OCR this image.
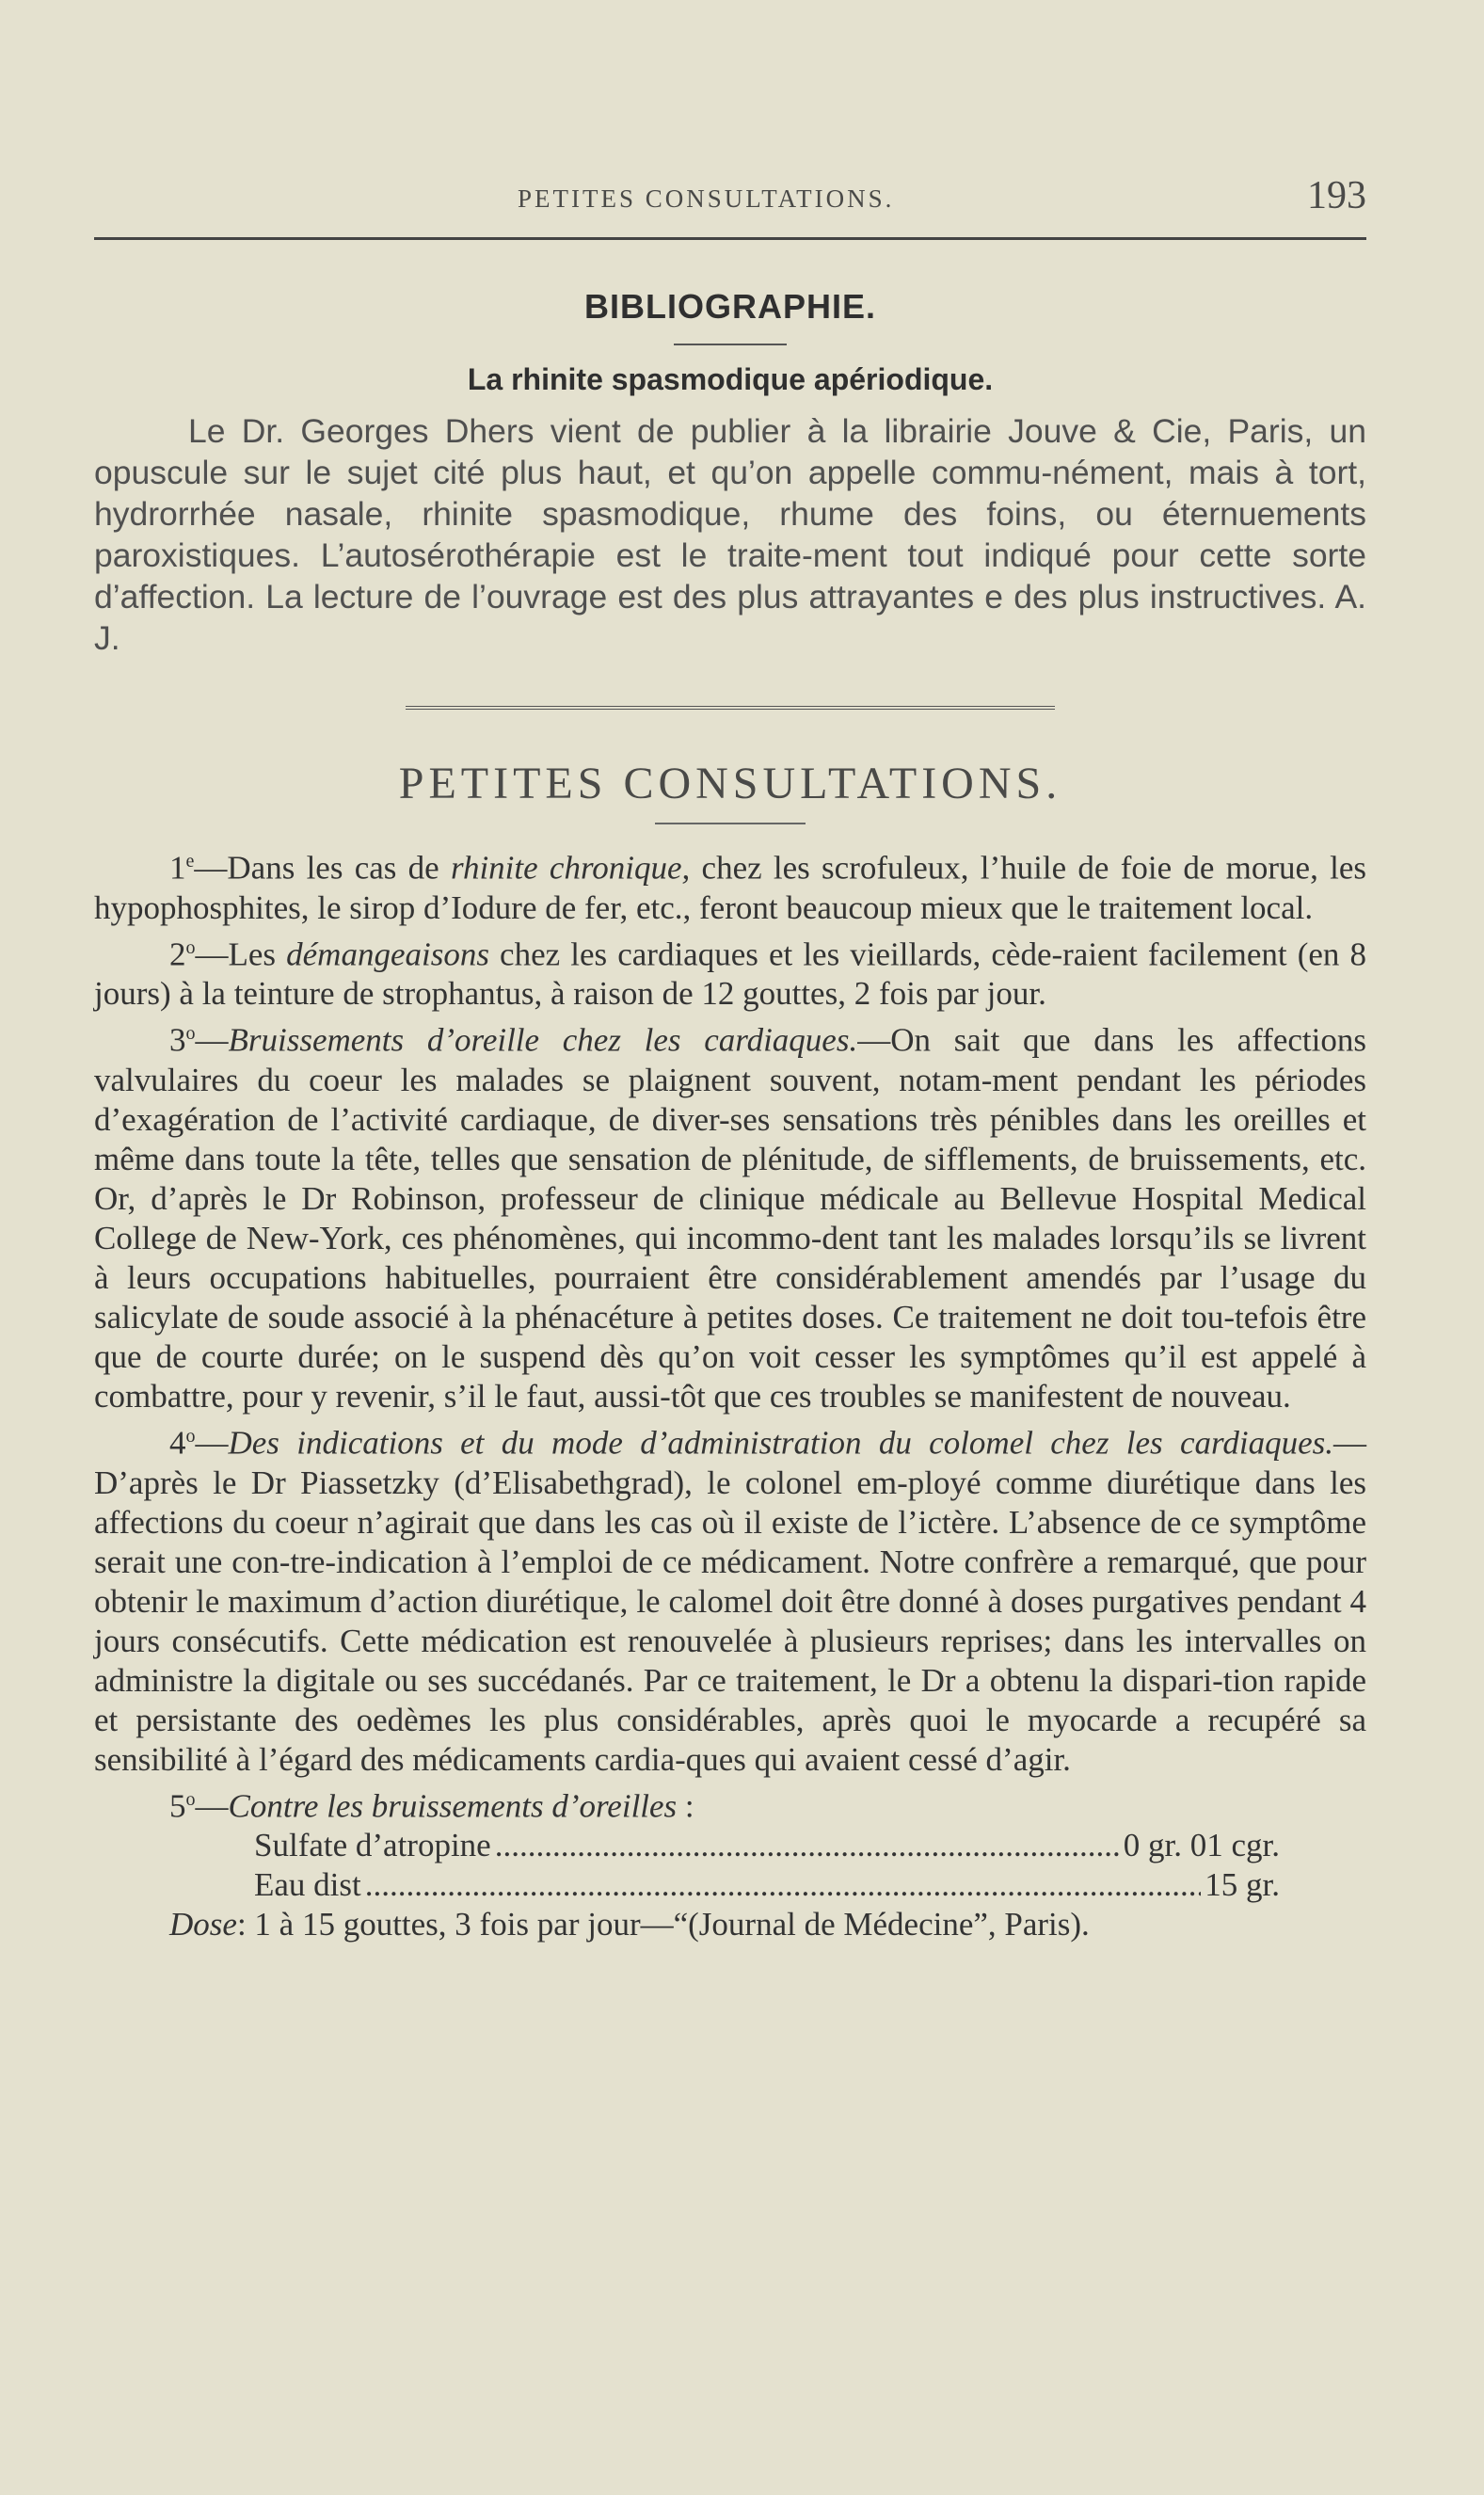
PETITES CONSULTATIONS.	193
BIBLIOGRAPHIE.
La rhinite spasmodique apériodique.
Le Dr. Georges Dhers vient de publier à la librairie Jouve & Cie, Paris, un opuscule sur le sujet cité plus haut, et qu’on appelle commu-nément, mais à tort, hydrorrhée nasale, rhinite spasmodique, rhume des foins, ou éternuements paroxistiques. L’autosérothérapie est le traite-ment tout indiqué pour cette sorte d’affection. La lecture de l’ouvrage est des plus attrayantes e des plus instructives. A. J.
PETITES CONSULTATIONS.

1e—Dans les cas de rhinite chronique, chez les scrofuleux, l’huile de foie de morue, les hypophosphites, le sirop d’Iodure de fer, etc., feront beaucoup mieux que le traitement local.

2$^o$—Les démangeaisons chez les cardiaques et les vieillards, cède-raient facilement (en 8 jours) à la teinture de strophantus, à raison de 12 gouttes, 2 fois par jour.

3$^o$—Bruissements d’oreille chez les cardiaques.—On sait que dans les affections valvulaires du coeur les malades se plaignent souvent, notam-ment pendant les périodes d’exagération de l’activité cardiaque, de diver-ses sensations très pénibles dans les oreilles et même dans toute la tête, telles que sensation de plénitude, de sifflements, de bruissements, etc. Or, d’après le Dr Robinson, professeur de clinique médicale au Bellevue Hospital Medical College de New-York, ces phénomènes, qui incommo-dent tant les malades lorsqu’ils se livrent à leurs occupations habituelles, pourraient être considérablement amendés par l’usage du salicylate de soude associé à la phénacéture à petites doses. Ce traitement ne doit tou-tefois être que de courte durée; on le suspend dès qu’on voit cesser les symptômes qu’il est appelé à combattre, pour y revenir, s’il le faut, aussi-tôt que ces troubles se manifestent de nouveau.

4$^o$—Des indications et du mode d’administration du colomel chez les cardiaques.—D’après le Dr Piassetzky (d’Elisabethgrad), le colonel em-ployé comme diurétique dans les affections du coeur n’agirait que dans les cas où il existe de l’ictère. L’absence de ce symptôme serait une con-tre-indication à l’emploi de ce médicament. Notre confrère a remarqué, que pour obtenir le maximum d’action diurétique, le calomel doit être donné à doses purgatives pendant 4 jours consécutifs. Cette médication est renouvelée à plusieurs reprises; dans les intervalles on administre la digitale ou ses succédanés. Par ce traitement, le Dr a obtenu la dispari-tion rapide et persistante des oedèmes les plus considérables, après quoi le myocarde a recupéré sa sensibilité à l’égard des médicaments cardia-ques qui avaient cessé d’agir.

5$^o$—Contre les bruissements d’oreilles :

Sulfate d’atropine .....	0 gr. 01 cgr.
Eau dist .....	15 gr.

Dose: 1 à 15 gouttes, 3 fois par jour—“(Journal de Médecine”, Paris).
